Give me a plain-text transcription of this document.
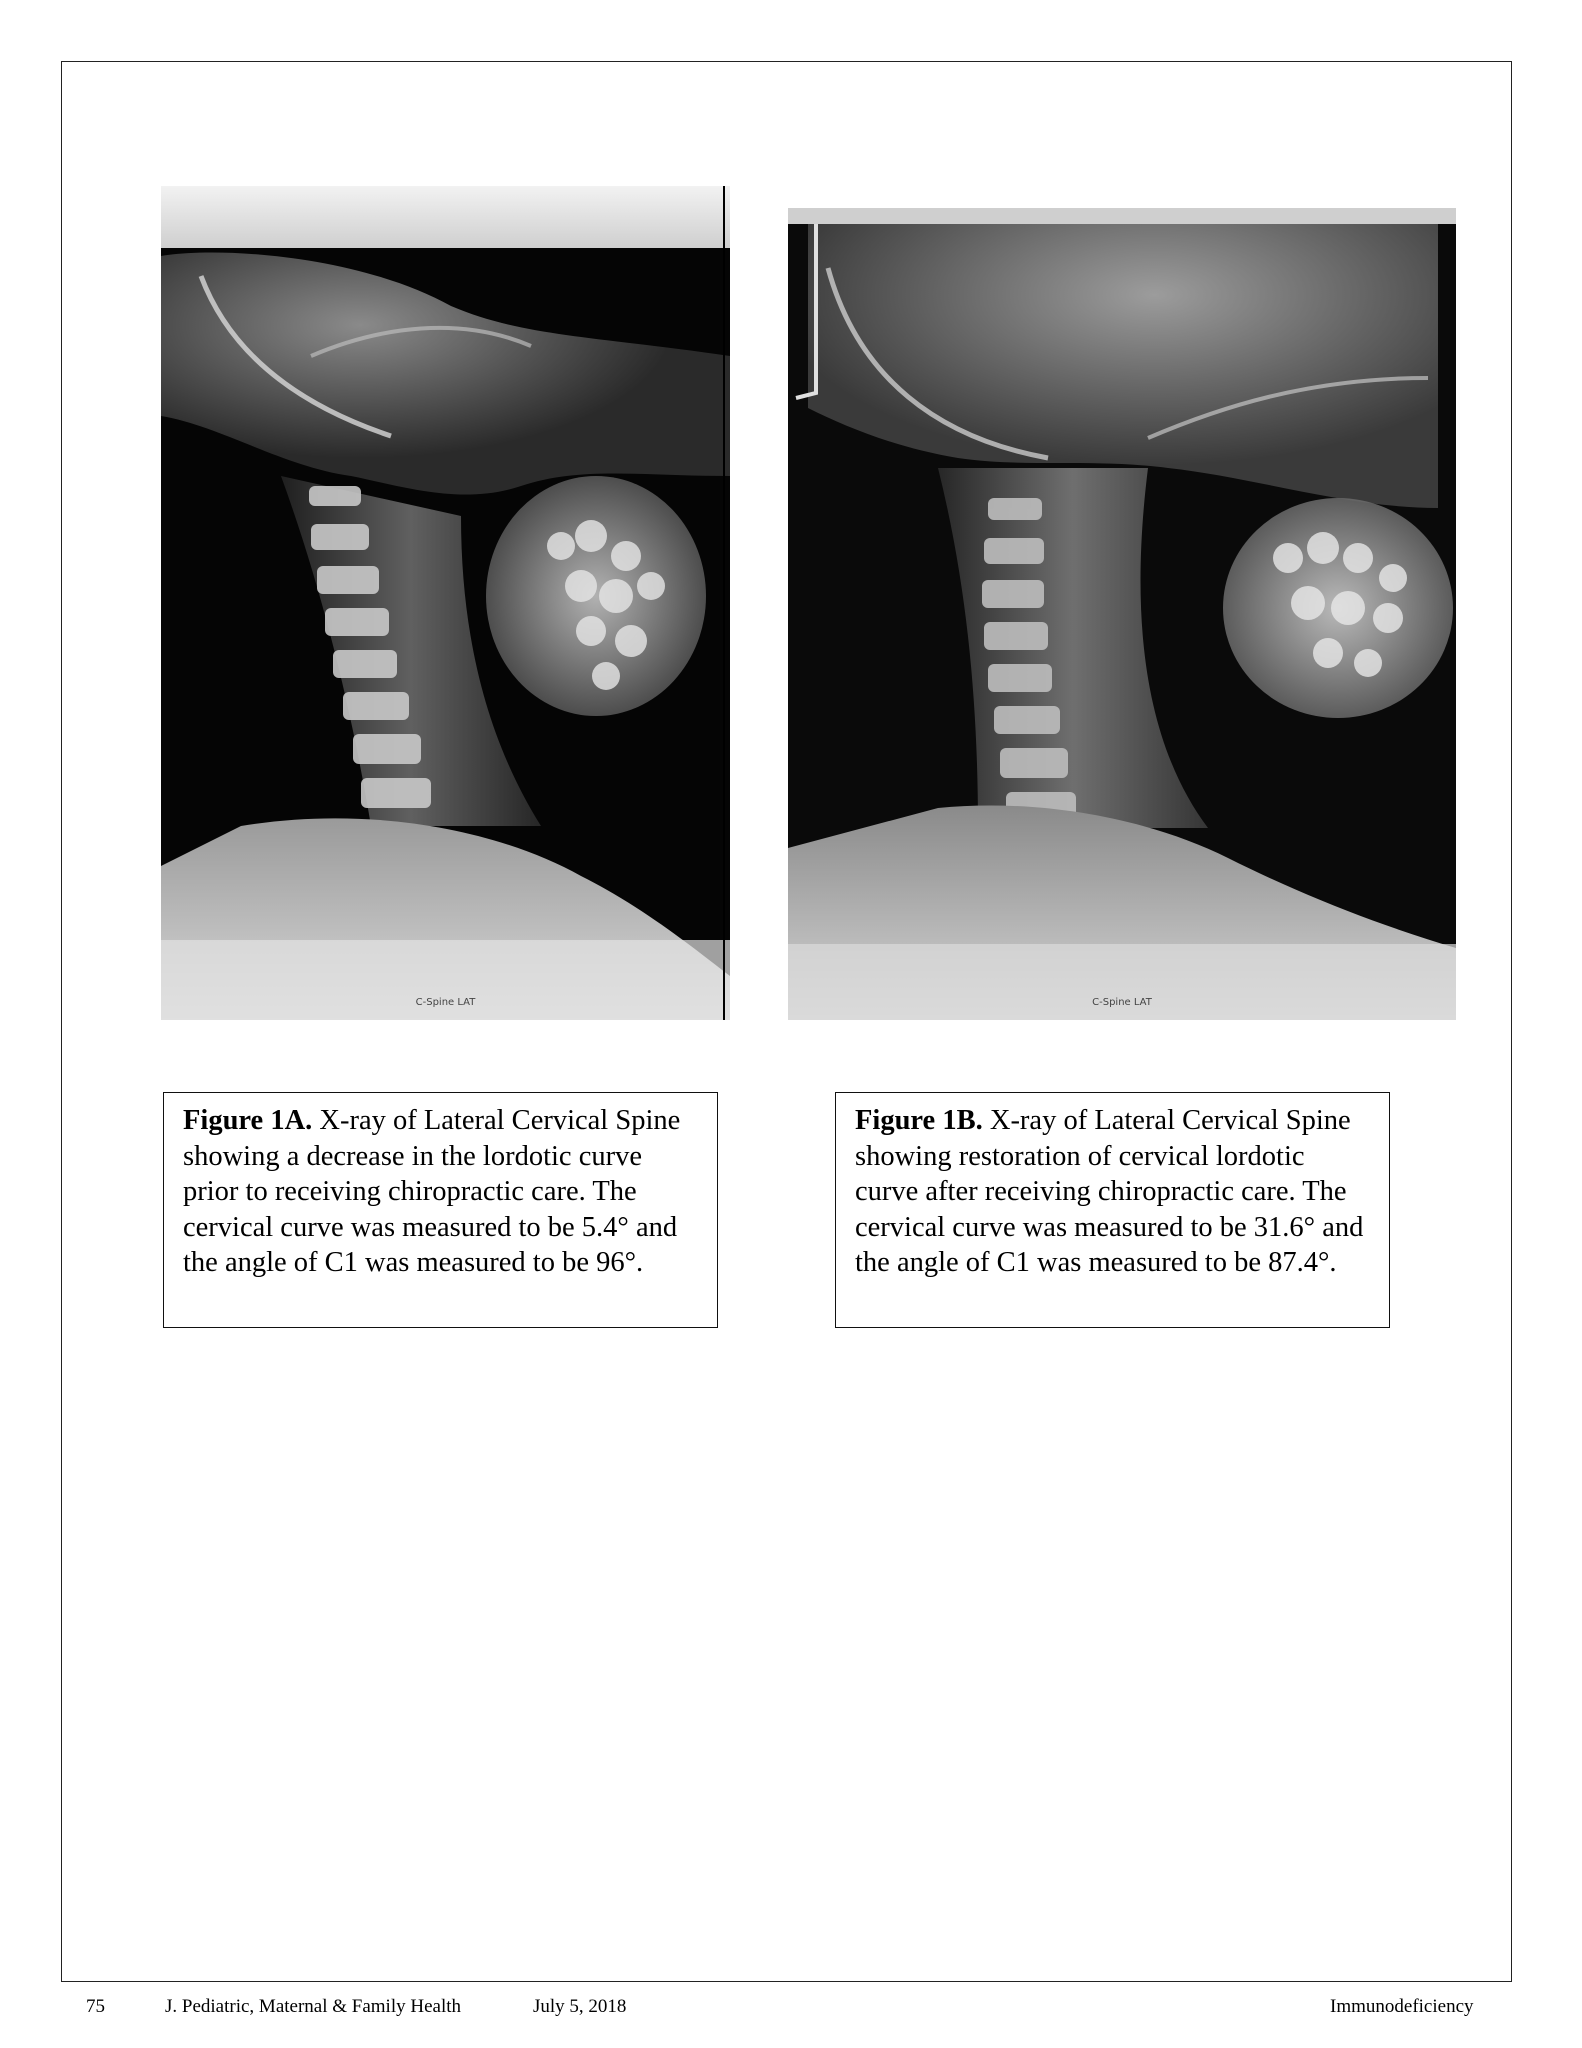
C-Spine LAT	C-Spine LAT
Figure 1A. X-ray of Lateral Cervical Spine showing a decrease in the lordotic curve prior to receiving chiropractic care. The cervical curve was measured to be 5.4° and the angle of C1 was measured to be 96°.
Figure 1B. X-ray of Lateral Cervical Spine showing restoration of cervical lordotic curve after receiving chiropractic care. The cervical curve was measured to be 31.6° and the angle of C1 was measured to be 87.4°.
75	J. Pediatric, Maternal & Family Health	July 5, 2018	Immunodeficiency
